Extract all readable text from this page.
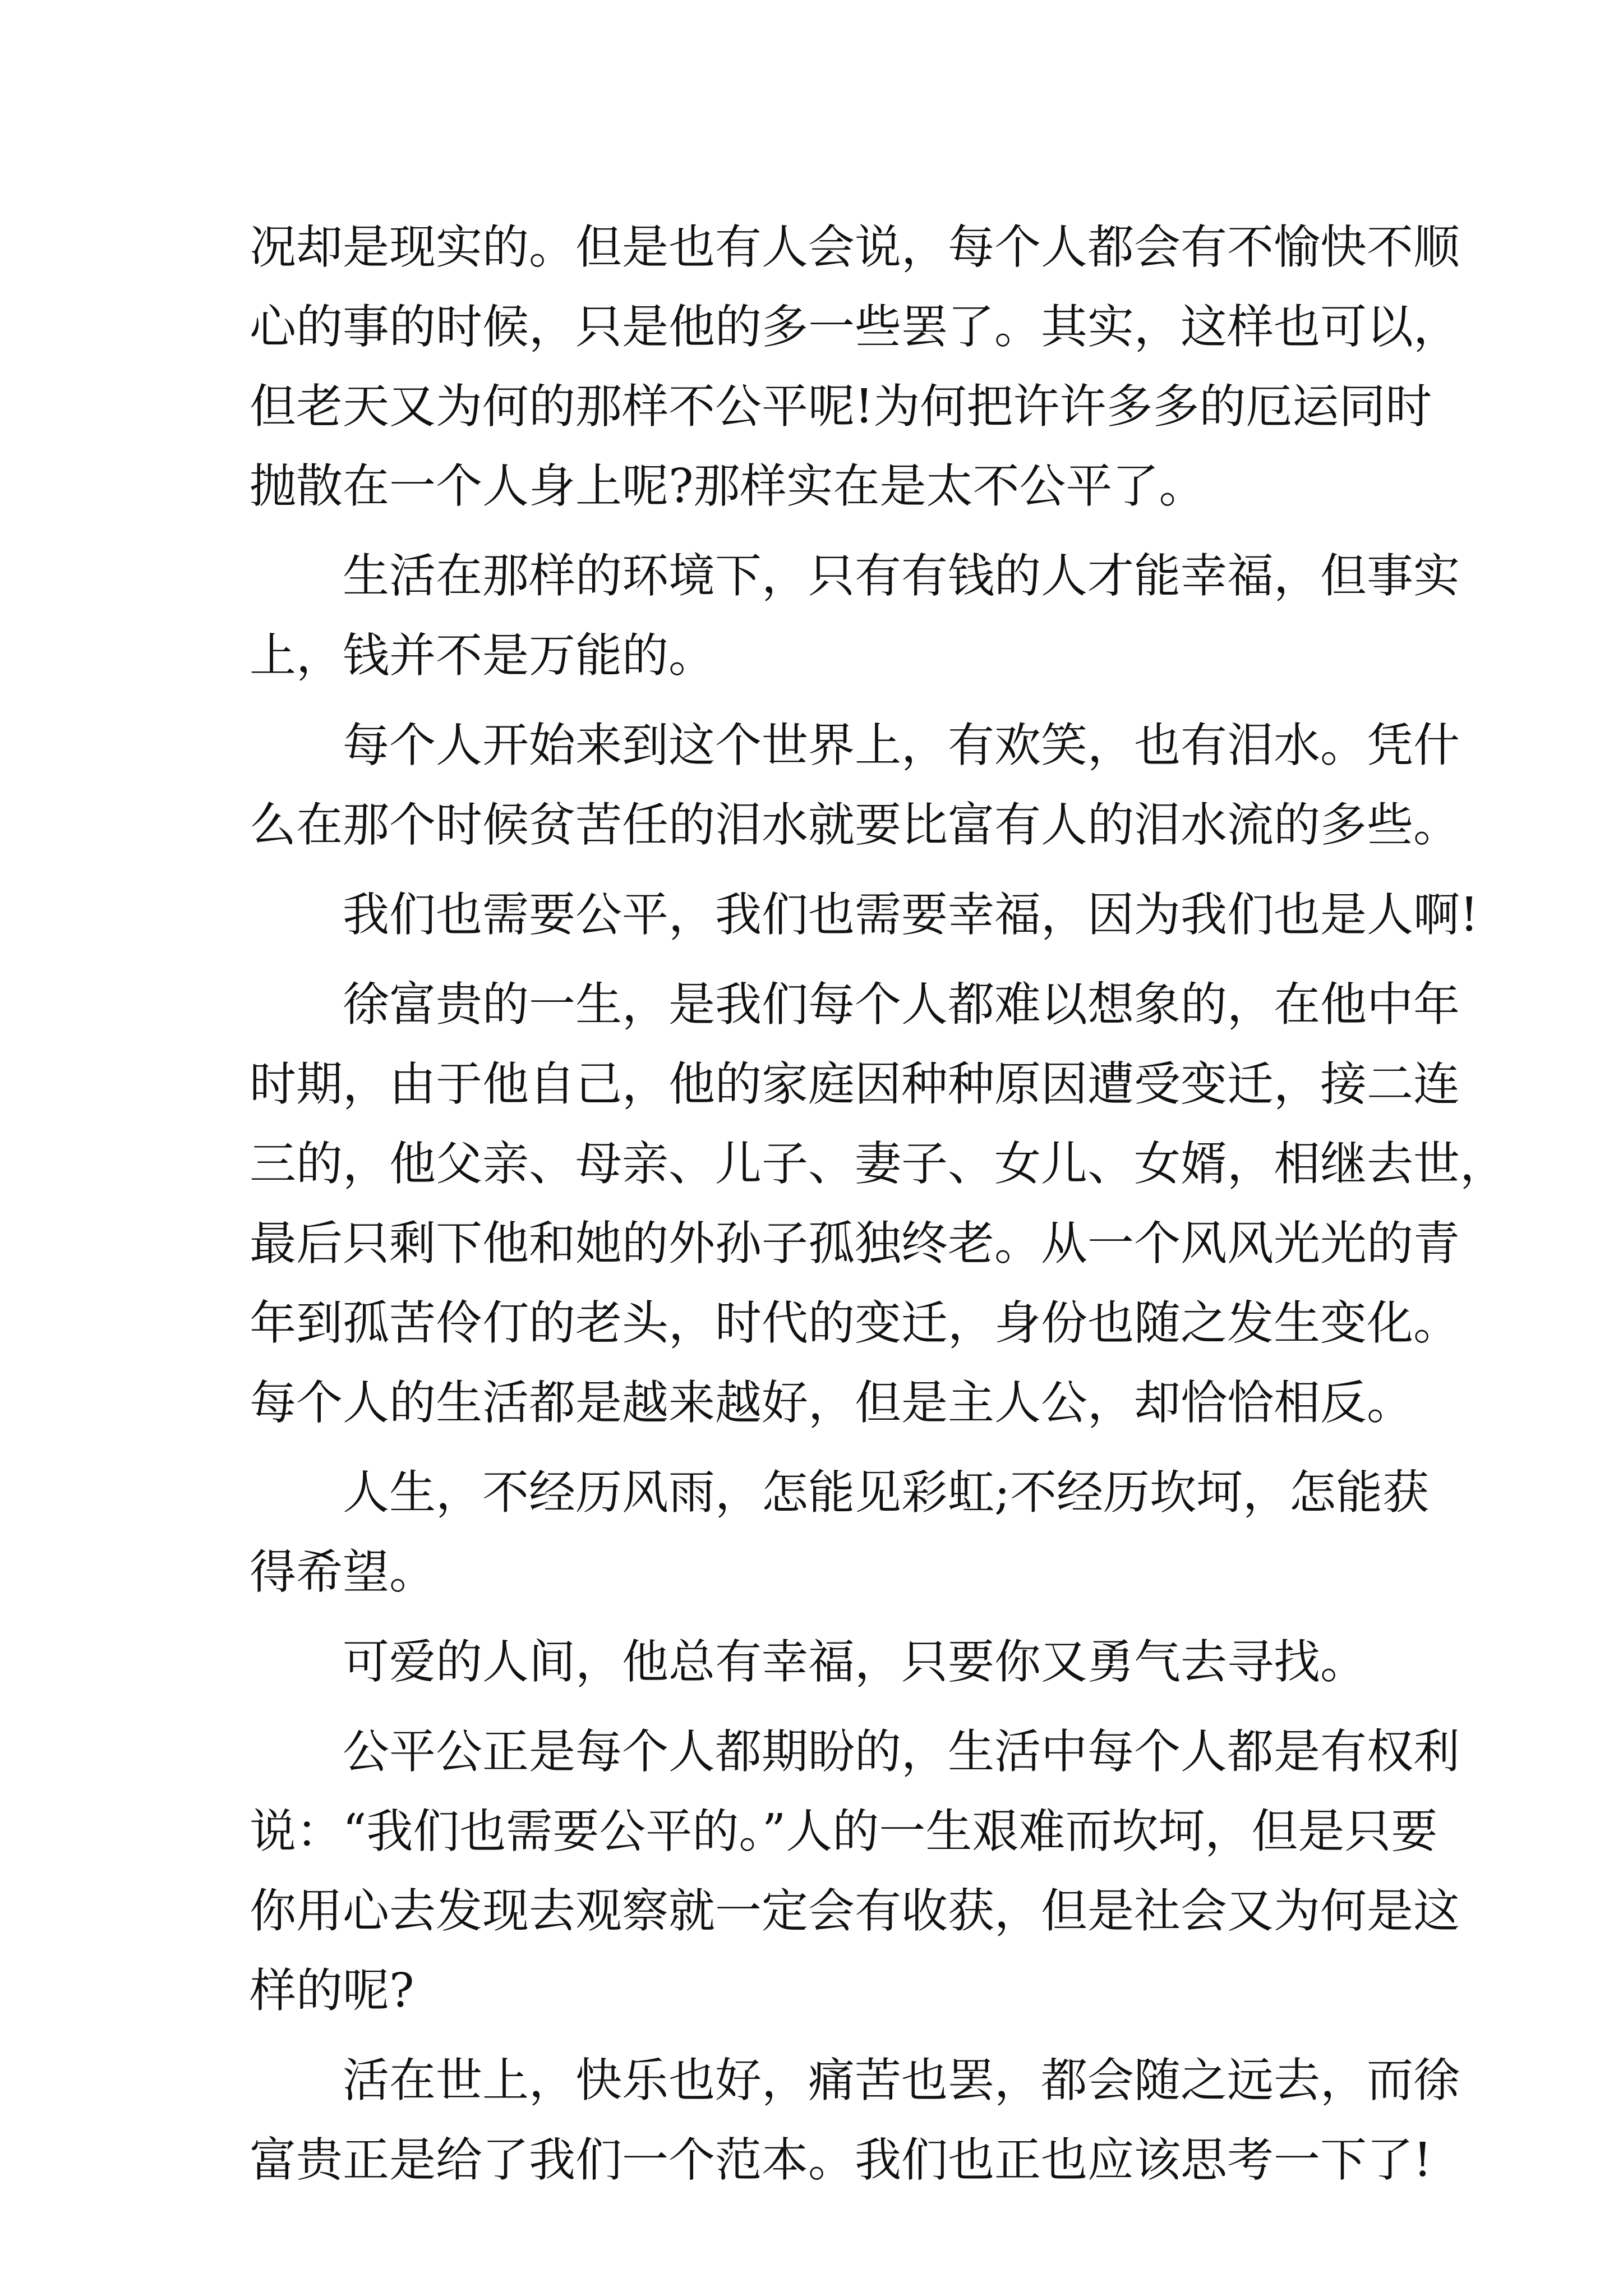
况却是现实的。但是也有人会说，每个人都会有不愉快不顺
心的事的时候，只是他的多一些罢了。其实，这样也可以，
但老天又为何的那样不公平呢!为何把许许多多的厄运同时
抛散在一个人身上呢?那样实在是太不公平了。
生活在那样的环境下，只有有钱的人才能幸福，但事实
上，钱并不是万能的。
每个人开始来到这个世界上，有欢笑，也有泪水。凭什
么在那个时候贫苦任的泪水就要比富有人的泪水流的多些。
我们也需要公平，我们也需要幸福，因为我们也是人啊!
徐富贵的一生，是我们每个人都难以想象的，在他中年
时期，由于他自己，他的家庭因种种原因遭受变迁，接二连
三的，他父亲、母亲、儿子、妻子、女儿、女婿，相继去世，
最后只剩下他和她的外孙子孤独终老。从一个风风光光的青
年到孤苦伶仃的老头，时代的变迁，身份也随之发生变化。
每个人的生活都是越来越好，但是主人公，却恰恰相反。
人生，不经历风雨，怎能见彩虹;不经历坎坷，怎能获
得希望。
可爱的人间，他总有幸福，只要你又勇气去寻找。
公平公正是每个人都期盼的，生活中每个人都是有权利
说：“我们也需要公平的。”人的一生艰难而坎坷，但是只要
你用心去发现去观察就一定会有收获，但是社会又为何是这
样的呢?
活在世上，快乐也好，痛苦也罢，都会随之远去，而徐
富贵正是给了我们一个范本。我们也正也应该思考一下了!
